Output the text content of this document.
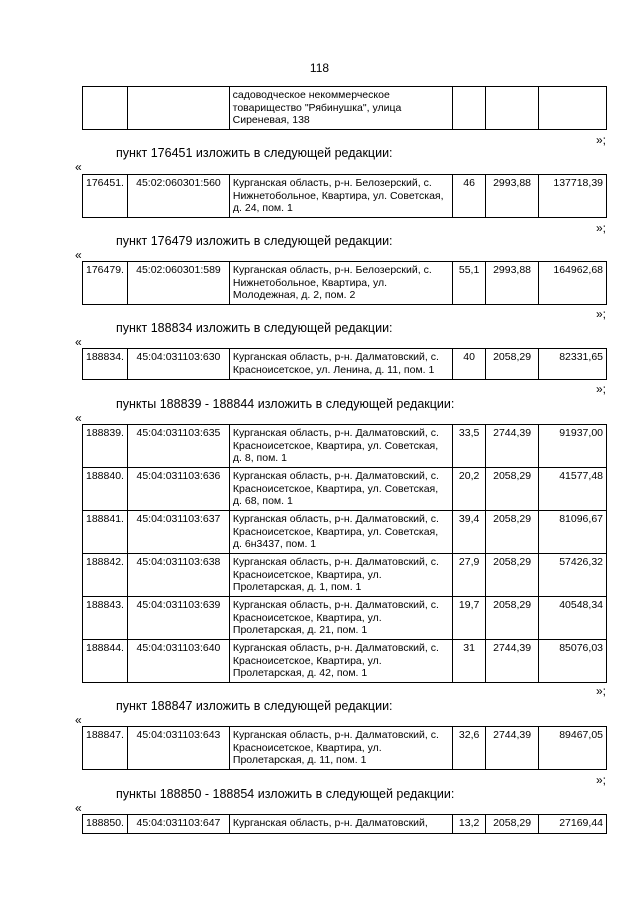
118
		садоводческое некоммерческое товарищество "Рябинушка", улица Сиреневая, 138			
»;
пункт 176451 изложить в следующей редакции:
«
176451.	45:02:060301:560	Курганская область, р-н. Белозерский, с. Нижнетобольное, Квартира, ул. Советская, д. 24, пом. 1	46	2993,88	137718,39
»;
пункт 176479 изложить в следующей редакции:
«
176479.	45:02:060301:589	Курганская область, р-н. Белозерский, с. Нижнетобольное, Квартира, ул. Молодежная, д. 2, пом. 2	55,1	2993,88	164962,68
»;
пункт 188834 изложить в следующей редакции:
«
188834.	45:04:031103:630	Курганская область, р-н. Далматовский, с. Красноисетское, ул. Ленина, д. 11, пом. 1	40	2058,29	82331,65
»;
пункты 188839 - 188844 изложить в следующей редакции:
«
188839.	45:04:031103:635	Курганская область, р-н. Далматовский, с. Красноисетское, Квартира, ул. Советская, д. 8, пом. 1	33,5	2744,39	91937,00
188840.	45:04:031103:636	Курганская область, р-н. Далматовский, с. Красноисетское, Квартира, ул. Советская, д. 68, пом. 1	20,2	2058,29	41577,48
188841.	45:04:031103:637	Курганская область, р-н. Далматовский, с. Красноисетское, Квартира, ул. Советская, д. 6н3437, пом. 1	39,4	2058,29	81096,67
188842.	45:04:031103:638	Курганская область, р-н. Далматовский, с. Красноисетское, Квартира, ул. Пролетарская, д. 1, пом. 1	27,9	2058,29	57426,32
188843.	45:04:031103:639	Курганская область, р-н. Далматовский, с. Красноисетское, Квартира, ул. Пролетарская, д. 21, пом. 1	19,7	2058,29	40548,34
188844.	45:04:031103:640	Курганская область, р-н. Далматовский, с. Красноисетское, Квартира, ул. Пролетарская, д. 42, пом. 1	31	2744,39	85076,03
»;
пункт 188847 изложить в следующей редакции:
«
188847.	45:04:031103:643	Курганская область, р-н. Далматовский, с. Красноисетское, Квартира, ул. Пролетарская, д. 11, пом. 1	32,6	2744,39	89467,05
»;
пункты 188850 - 188854 изложить в следующей редакции:
«
188850.	45:04:031103:647	Курганская область, р-н. Далматовский,	13,2	2058,29	27169,44
